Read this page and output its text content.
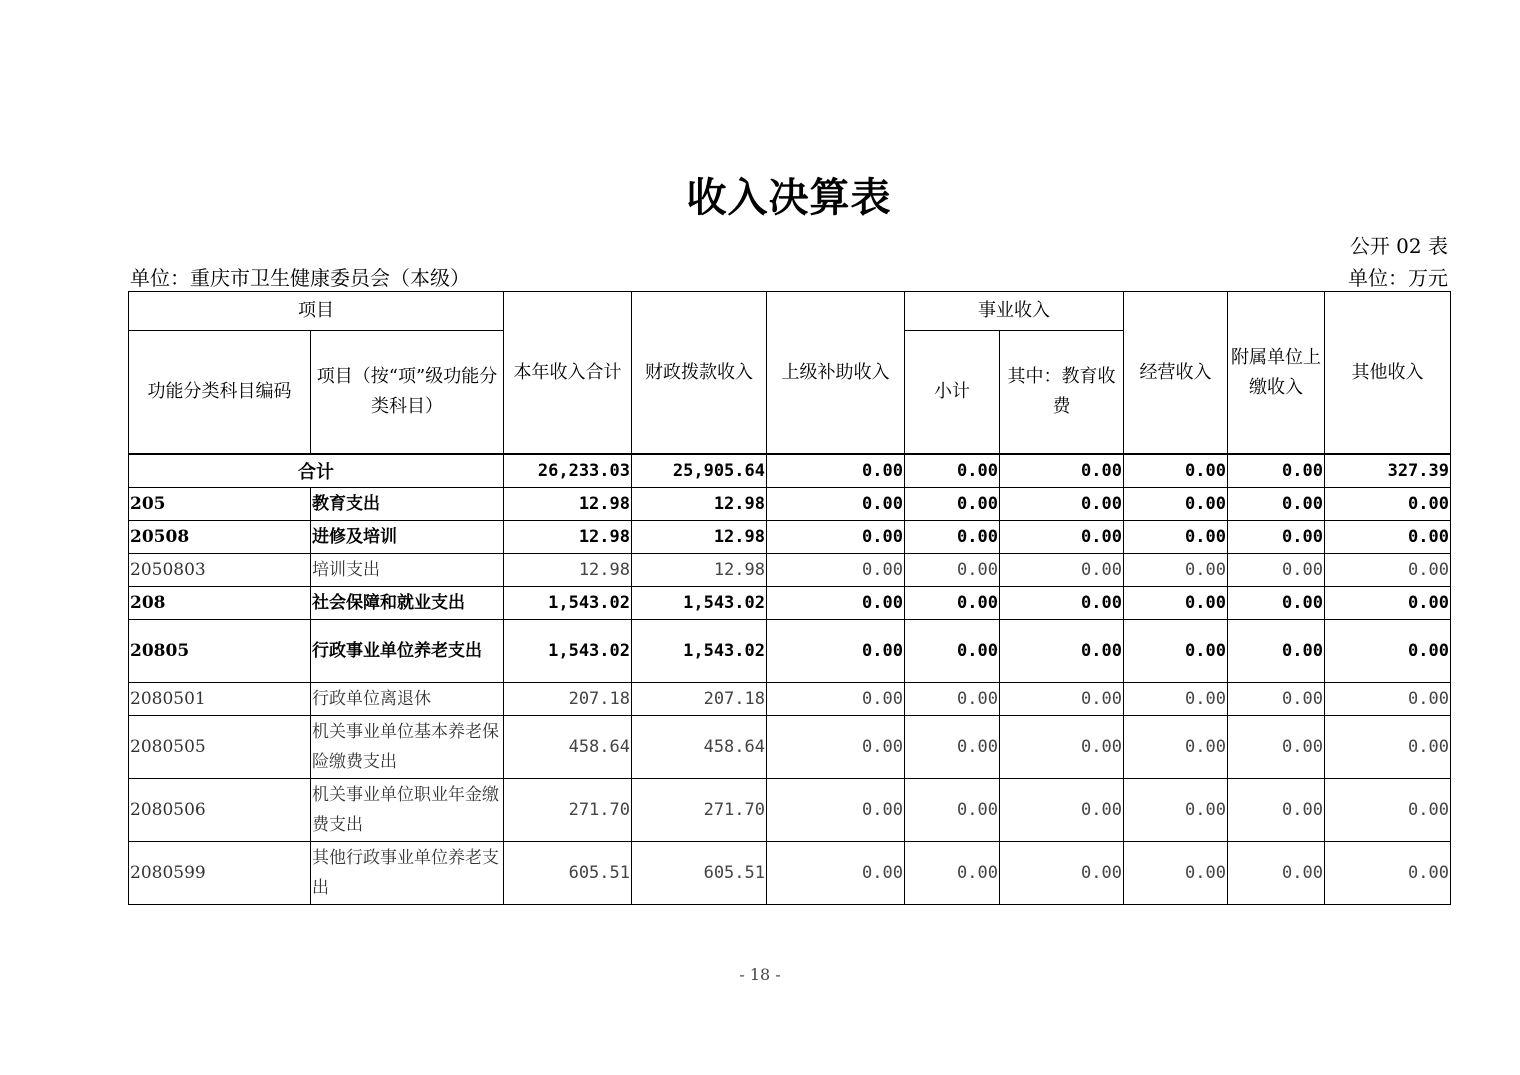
收入决算表
公开 02 表
单位：重庆市卫生健康委员会（本级）	单位：万元
项目		本年收入合计	财政拨款收入	上级补助收入	事业收入		经营收入	附属单位上缴收入	其他收入
功能分类科目编码	项目（按“项”级功能分类科目）				小计	其中：教育收费			
合计		26,233.03	25,905.64	0.00	0.00	0.00	0.00	0.00	327.39
205	教育支出	12.98	12.98	0.00	0.00	0.00	0.00	0.00	0.00
20508	进修及培训	12.98	12.98	0.00	0.00	0.00	0.00	0.00	0.00
2050803	培训支出	12.98	12.98	0.00	0.00	0.00	0.00	0.00	0.00
208	社会保障和就业支出	1,543.02	1,543.02	0.00	0.00	0.00	0.00	0.00	0.00
20805	行政事业单位养老支出	1,543.02	1,543.02	0.00	0.00	0.00	0.00	0.00	0.00
2080501	行政单位离退休	207.18	207.18	0.00	0.00	0.00	0.00	0.00	0.00
2080505	机关事业单位基本养老保险缴费支出	458.64	458.64	0.00	0.00	0.00	0.00	0.00	0.00
2080506	机关事业单位职业年金缴费支出	271.70	271.70	0.00	0.00	0.00	0.00	0.00	0.00
2080599	其他行政事业单位养老支出	605.51	605.51	0.00	0.00	0.00	0.00	0.00	0.00
- 18 -
